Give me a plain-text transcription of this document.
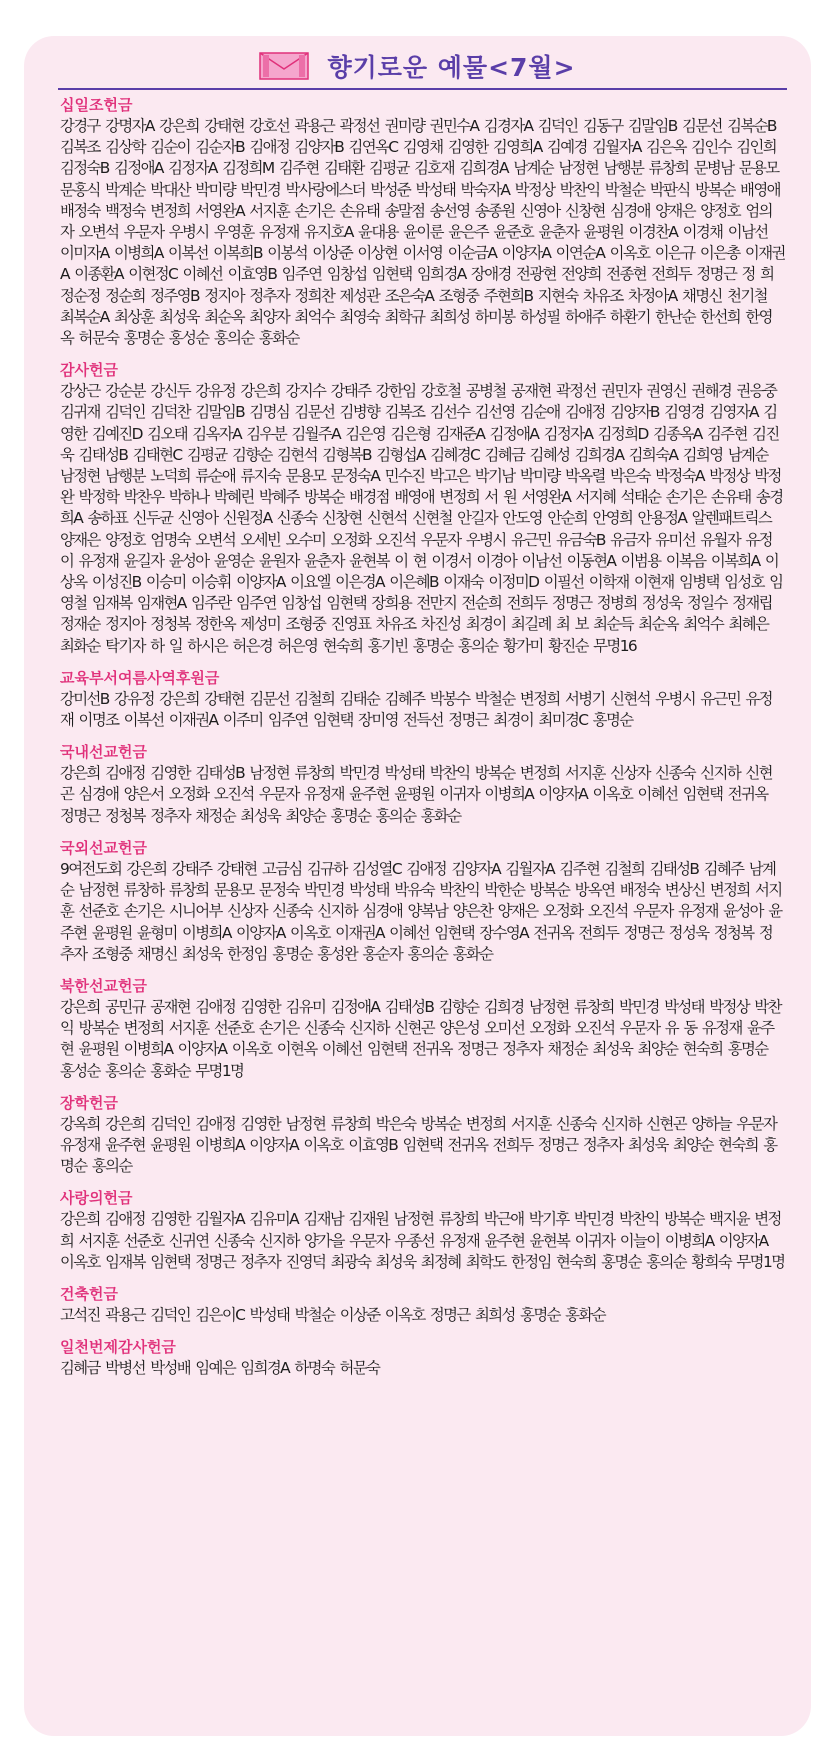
향기로운 예물<7월>

십일조헌금

강경구 강명자A 강은희 강태현 강호선 곽용근 곽정선 권미량 권민수A 김경자A 김덕인 김동구 김말임B 김문선 김복순B 김복조 김상학 김순이 김순자B 김애정 김양자B 김연옥C 김영채 김영한 김영희A 김예경 김월자A 김은옥 김인수 김인희 김정숙B 김정애A 김정자A 김정희M 김주현 김태환 김평균 김호재 김희경A 남계순 남정현 남행분 류창희 문병남 문용모 문홍식 박계순 박대산 박미량 박민경 박사랑에스더 박성준 박성태 박숙자A 박정상 박찬익 박철순 박판식 방복순 배영애 배정숙 백정숙 변정희 서영완A 서지훈 손기은 손유태 송말점 송선영 송종원 신영아 신창현 심경애 양재은 양정호 엄의자 오변석 우문자 우병시 우영훈 유정재 유지호A 윤대용 윤이룬 윤은주 윤준호 윤춘자 윤평원 이경찬A 이경채 이남선 이미자A 이병희A 이복선 이복희B 이봉석 이상준 이상현 이서영 이순금A 이양자A 이연순A 이옥호 이은규 이은총 이재권A 이종환A 이현정C 이혜선 이효영B 임주연 임창섭 임현택 임희경A 장애경 전광현 전양희 전종현 전희두 정명근 정 희 정순정 정순희 정주영B 정지아 정추자 정희찬 제성관 조은숙A 조형중 주현희B 지현숙 차유조 차정아A 채명신 천기철 최복순A 최상훈 최성욱 최순옥 최양자 최억수 최영숙 최학규 최희성 하미봉 하성필 하애주 하환기 한난순 한선희 한영옥 허문숙 홍명순 홍성순 홍의순 홍화순

감사헌금

강상근 강순분 강신두 강유정 강은희 강지수 강태주 강한임 강호철 공병철 공재현 곽정선 권민자 권영신 권해경 권응중 김귀재 김덕인 김덕찬 김말임B 김명심 김문선 김병향 김복조 김선수 김선영 김순애 김애정 김양자B 김영경 김영자A 김영한 김예진D 김오태 김옥자A 김우분 김월주A 김은영 김은형 김재준A 김정애A 김정자A 김정희D 김종옥A 김주현 김진욱 김태성B 김태현C 김평균 김향순 김현석 김형복B 김형섭A 김혜경C 김혜금 김혜성 김희경A 김희숙A 김희영 남계순 남정현 남행분 노덕희 류순애 류지숙 문용모 문정숙A 민수진 박고은 박기남 박미량 박옥렬 박은숙 박정숙A 박정상 박정완 박정학 박찬우 박하나 박혜린 박혜주 방복순 배경점 배영애 변정희 서 원 서영완A 서지혜 석태순 손기은 손유태 송경희A 송하표 신두균 신영아 신원정A 신종숙 신창현 신현석 신현철 안길자 안도영 안순희 안영희 안용정A 알렌패트릭스 양재은 양정호 엄명숙 오변석 오세빈 오수미 오정화 오진석 우문자 우병시 유근민 유금숙B 유금자 유미선 유월자 유정이 유정재 윤길자 윤성아 윤영순 윤원자 윤춘자 윤현복 이 현 이경서 이경아 이남선 이동현A 이범용 이복음 이복희A 이상옥 이성진B 이승미 이승휘 이양자A 이요엘 이은경A 이은혜B 이재숙 이정미D 이필선 이학재 이현재 임병택 임성호 임영철 임재복 임재현A 임주란 임주연 임창섭 임현택 장희용 전만지 전순희 전희두 정명근 정병희 정성욱 정일수 정재립 정재순 정지아 정청복 정한옥 제성미 조형중 진영표 차유조 차진성 최경이 최길례 최 보 최순득 최순옥 최억수 최혜은 최화순 탁기자 하 일 하시은 허은경 허은영 현숙희 홍기빈 홍명순 홍의순 황가미 황진순 무명16

교육부서여름사역후원금

강미선B 강유정 강은희 강태현 김문선 김철희 김태순 김혜주 박봉수 박철순 변정희 서병기 신현석 우병시 유근민 유정재 이명조 이복선 이재권A 이주미 임주연 임현택 장미영 전득선 정명근 최경이 최미경C 홍명순

국내선교헌금

강은희 김애정 김영한 김태성B 남정현 류창희 박민경 박성태 박찬익 방복순 변정희 서지훈 신상자 신종숙 신지하 신현곤 심경애 양은서 오정화 오진석 우문자 유정재 윤주현 윤평원 이귀자 이병희A 이양자A 이옥호 이혜선 임현택 전귀옥 정명근 정청복 정추자 채정순 최성욱 최양순 홍명순 홍의순 홍화순

국외선교헌금

9여전도회 강은희 강태주 강태현 고금심 김규하 김성열C 김애정 김양자A 김월자A 김주현 김철희 김태성B 김혜주 남계순 남정현 류창하 류창희 문용모 문정숙 박민경 박성태 박유숙 박찬익 박한순 방복순 방옥연 배정숙 변상신 변정희 서지훈 선준호 손기은 시니어부 신상자 신종숙 신지하 심경애 양복남 양은찬 양재은 오정화 오진석 우문자 유정재 윤성아 윤주현 윤평원 윤형미 이병희A 이양자A 이옥호 이재권A 이혜선 임현택 장수영A 전귀옥 전희두 정명근 정성욱 정청복 정추자 조형중 채명신 최성욱 한정임 홍명순 홍성완 홍순자 홍의순 홍화순

북한선교헌금

강은희 공민규 공재현 김애정 김영한 김유미 김정애A 김태성B 김향순 김희경 남정현 류창희 박민경 박성태 박정상 박찬익 방복순 변정희 서지훈 선준호 손기은 신종숙 신지하 신현곤 양은성 오미선 오정화 오진석 우문자 유 동 유정재 윤주현 윤평원 이병희A 이양자A 이옥호 이현옥 이혜선 임현택 전귀옥 정명근 정추자 채정순 최성욱 최양순 현숙희 홍명순 홍성순 홍의순 홍화순 무명1명

장학헌금

강옥희 강은희 김덕인 김애정 김영한 남정현 류창희 박은숙 방복순 변정희 서지훈 신종숙 신지하 신현곤 양하늘 우문자 유정재 윤주현 윤평원 이병희A 이양자A 이옥호 이효영B 임현택 전귀옥 전희두 정명근 정추자 최성욱 최양순 현숙희 홍명순 홍의순

사랑의헌금

강은희 김애정 김영한 김월자A 김유미A 김재남 김재원 남정현 류창희 박근애 박기후 박민경 박찬익 방복순 백지윤 변정희 서지훈 선준호 신귀연 신종숙 신지하 양가을 우문자 우종선 유정재 윤주현 윤현복 이귀자 이늘이 이병희A 이양자A 이옥호 임재복 임현택 정명근 정추자 진영덕 최광숙 최성욱 최정혜 최학도 한정임 현숙희 홍명순 홍의순 황희숙 무명1명

건축헌금

고석진 곽용근 김덕인 김은이C 박성태 박철순 이상준 이옥호 정명근 최희성 홍명순 홍화순

일천번제감사헌금

김혜금 박병선 박성배 임예은 임희경A 하명숙 허문숙
